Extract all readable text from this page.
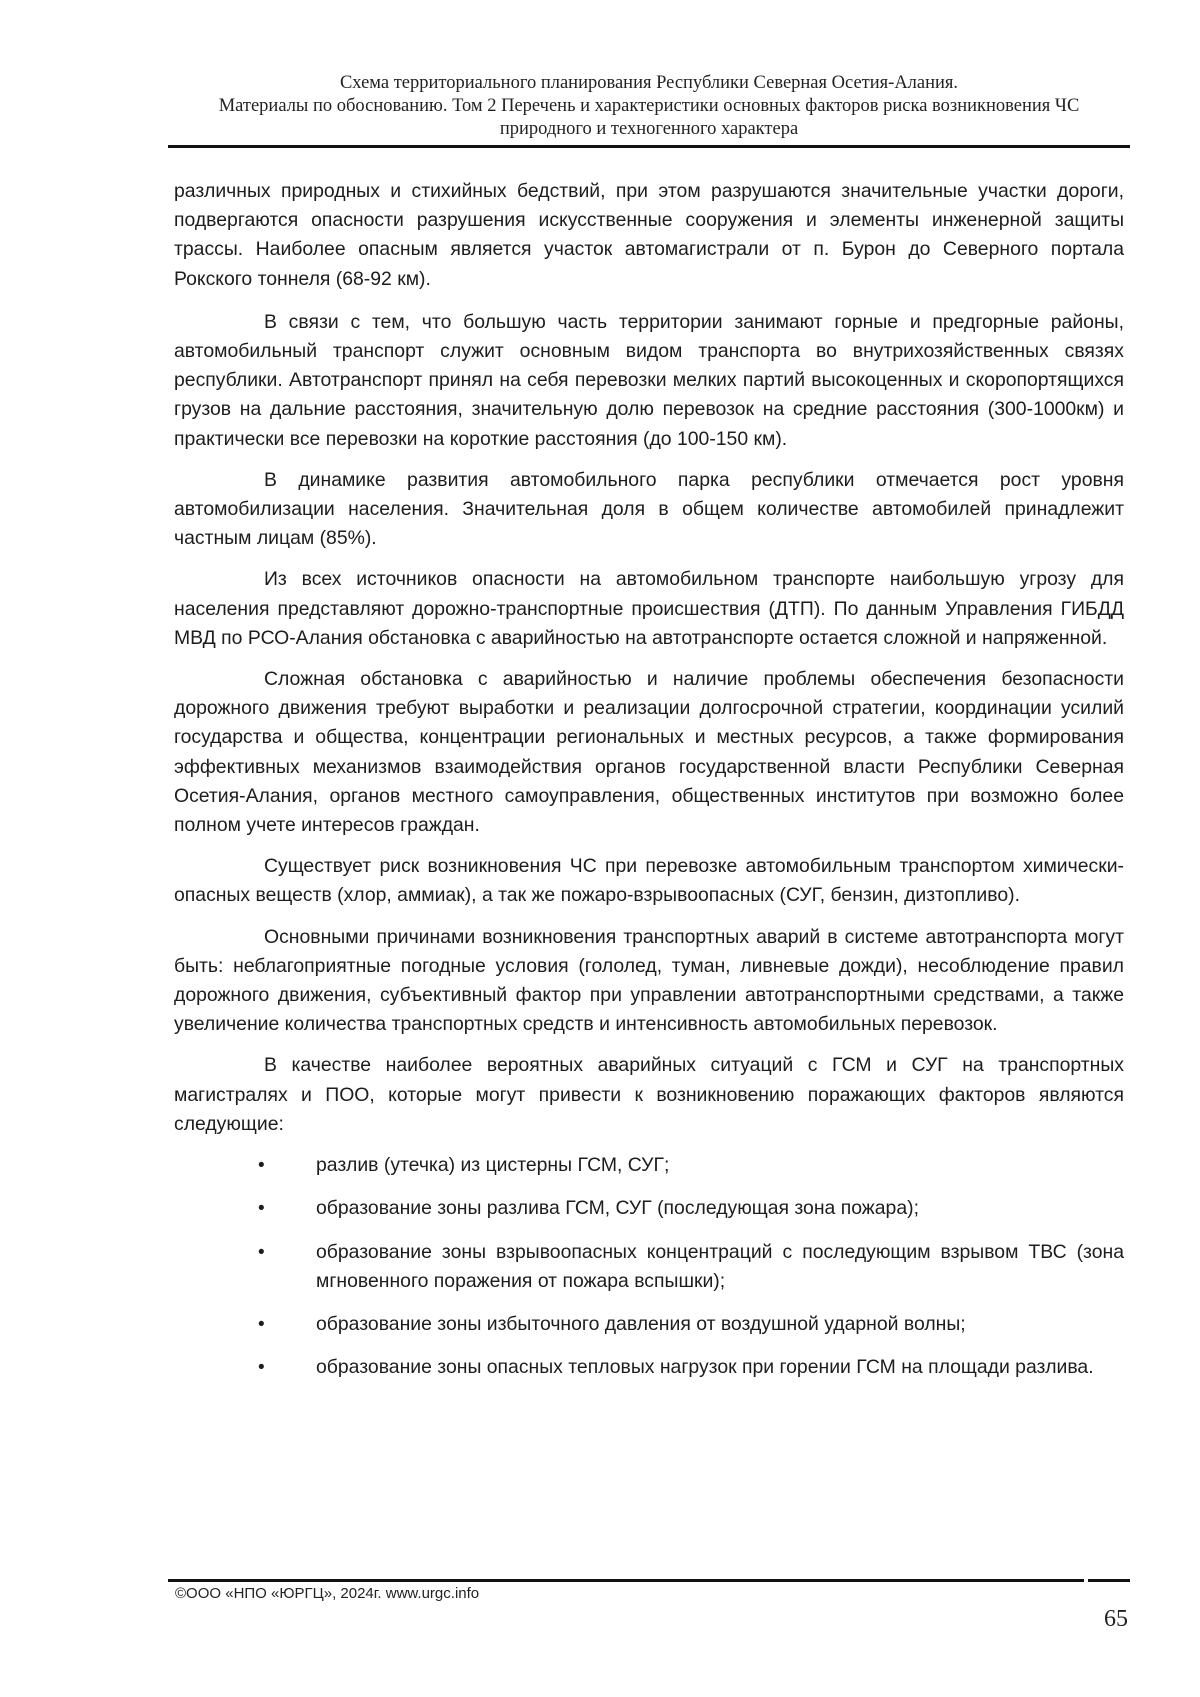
Схема территориального планирования Республики Северная Осетия-Алания.
Материалы по обоснованию. Том 2 Перечень и характеристики основных факторов риска возникновения ЧС
природного и техногенного характера

различных природных и стихийных бедствий, при этом разрушаются значительные участки дороги, подвергаются опасности разрушения искусственные сооружения и элементы инженерной защиты трассы. Наиболее опасным является участок автомагистрали от п. Бурон до Северного портала Рокского тоннеля (68-92 км).

В связи с тем, что большую часть территории занимают горные и предгорные районы, автомобильный транспорт служит основным видом транспорта во внутрихозяйственных связях республики. Автотранспорт принял на себя перевозки мелких партий высокоценных и скоропортящихся грузов на дальние расстояния, значительную долю перевозок на средние расстояния (300-1000км) и практически все перевозки на короткие расстояния (до 100-150 км).

В динамике развития автомобильного парка республики отмечается рост уровня автомобилизации населения. Значительная доля в общем количестве автомобилей принадлежит частным лицам (85%).

Из всех источников опасности на автомобильном транспорте наибольшую угрозу для населения представляют дорожно-транспортные происшествия (ДТП). По данным Управления ГИБДД МВД по РСО-Алания обстановка с аварийностью на автотранспорте остается сложной и напряженной.

Сложная обстановка с аварийностью и наличие проблемы обеспечения безопасности дорожного движения требуют выработки и реализации долгосрочной стратегии, координации усилий государства и общества, концентрации региональных и местных ресурсов, а также формирования эффективных механизмов взаимодействия органов государственной власти Республики Северная Осетия-Алания, органов местного самоуправления, общественных институтов при возможно более полном учете интересов граждан.

Существует риск возникновения ЧС при перевозке автомобильным транспортом химически-опасных веществ (хлор, аммиак), а так же пожаро-взрывоопасных (СУГ, бензин, дизтопливо).

Основными причинами возникновения транспортных аварий в системе автотранспорта могут быть: неблагоприятные погодные условия (гололед, туман, ливневые дожди), несоблюдение правил дорожного движения, субъективный фактор при управлении автотранспортными средствами, а также увеличение количества транспортных средств и интенсивность автомобильных перевозок.

В качестве наиболее вероятных аварийных ситуаций с ГСМ и СУГ на транспортных магистралях и ПОО, которые могут привести к возникновению поражающих факторов являются следующие:

•	разлив (утечка) из цистерны ГСМ, СУГ;
•	образование зоны разлива ГСМ, СУГ (последующая зона пожара);
•	образование зоны взрывоопасных концентраций с последующим взрывом ТВС (зона мгновенного поражения от пожара вспышки);
•	образование зоны избыточного давления от воздушной ударной волны;
•	образование зоны опасных тепловых нагрузок при горении ГСМ на площади разлива.
©ООО «НПО «ЮРГЦ», 2024г. www.urgc.info
65
